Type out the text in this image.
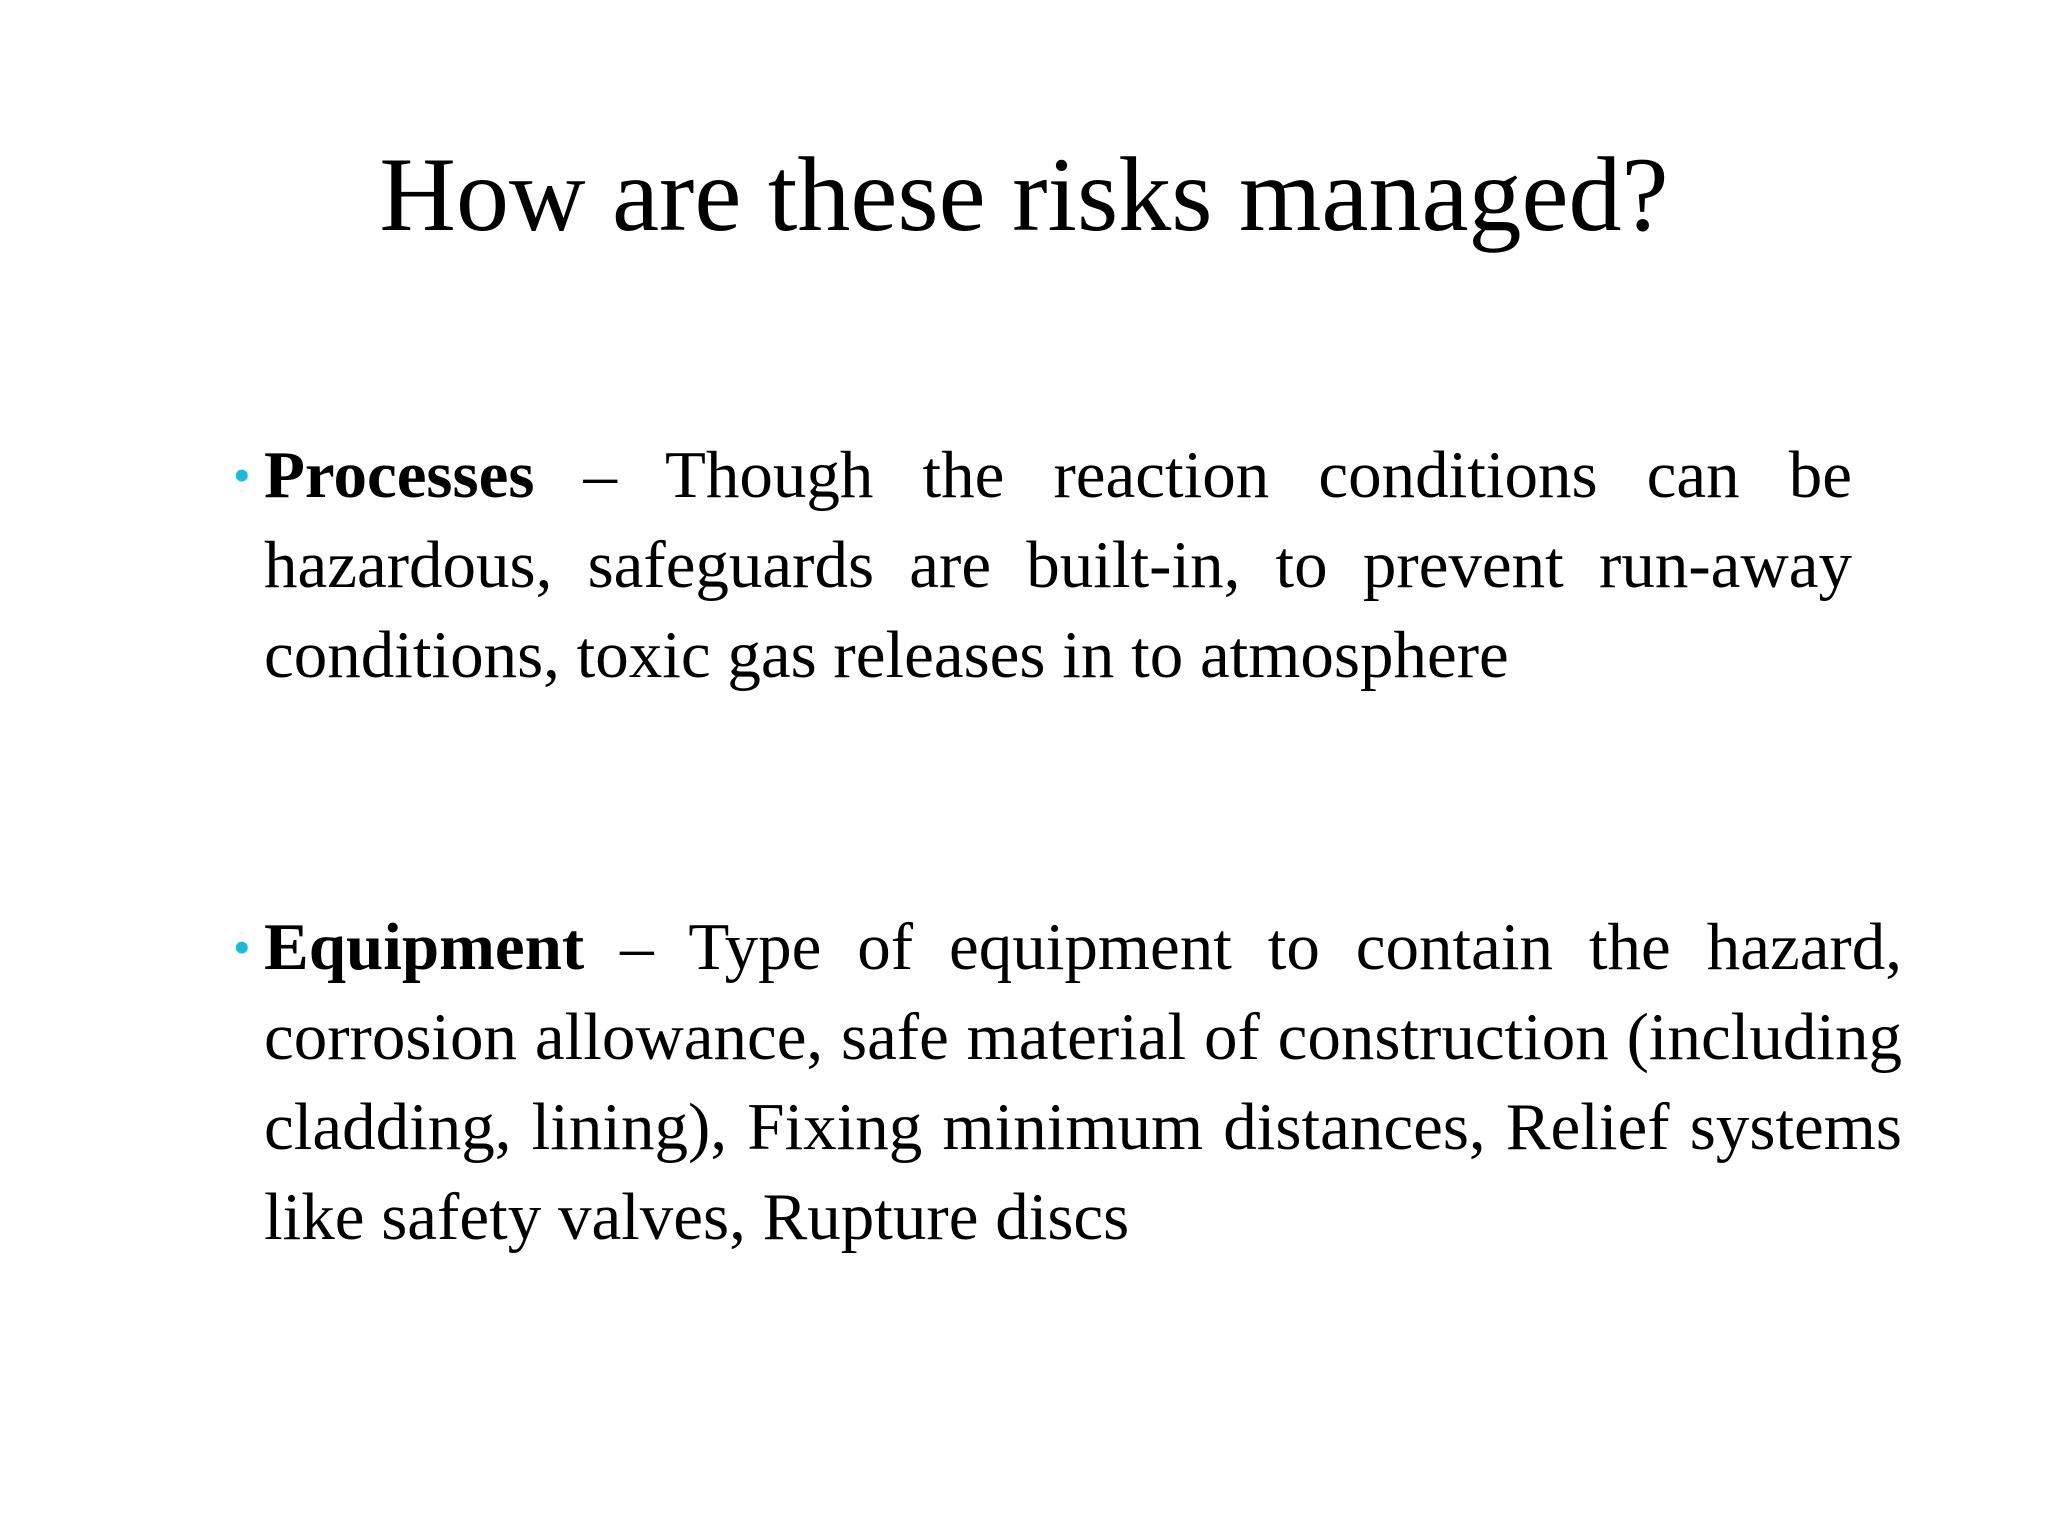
How are these risks managed?
• Processes – Though the reaction conditions can be hazardous, safeguards are built-in, to prevent run-away conditions, toxic gas releases in to atmosphere
• Equipment – Type of equipment to contain the hazard, corrosion allowance, safe material of construction (including cladding, lining), Fixing minimum distances, Relief systems like safety valves, Rupture discs
